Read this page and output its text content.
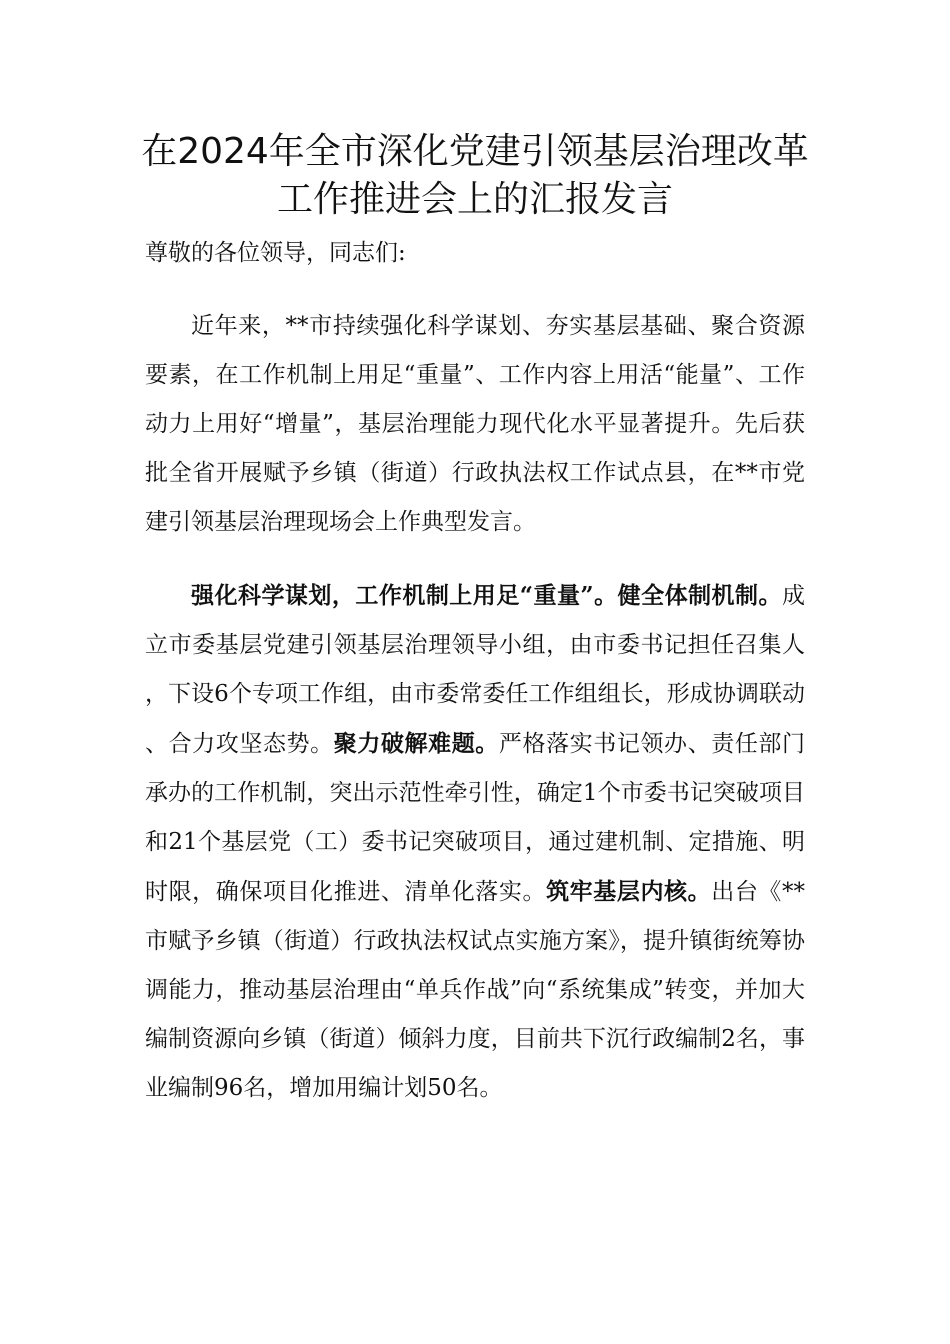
在2024年全市深化党建引领基层治理改革
工作推进会上的汇报发言

尊敬的各位领导，同志们:

近年来，**市持续强化科学谋划、夯实基层基础、聚合资源要素，在工作机制上用足“重量”、工作内容上用活“能量”、工作动力上用好“增量”，基层治理能力现代化水平显著提升。先后获批全省开展赋予乡镇（街道）行政执法权工作试点县，在**市党建引领基层治理现场会上作典型发言。

强化科学谋划，工作机制上用足“重量”。健全体制机制。成立市委基层党建引领基层治理领导小组，由市委书记担任召集人，下设6个专项工作组，由市委常委任工作组组长，形成协调联动、合力攻坚态势。聚力破解难题。严格落实书记领办、责任部门承办的工作机制，突出示范性牵引性，确定1个市委书记突破项目和21个基层党（工）委书记突破项目，通过建机制、定措施、明时限，确保项目化推进、清单化落实。筑牢基层内核。出台《**市赋予乡镇（街道）行政执法权试点实施方案》，提升镇街统筹协调能力，推动基层治理由“单兵作战”向“系统集成”转变，并加大编制资源向乡镇（街道）倾斜力度，目前共下沉行政编制2名，事业编制96名，增加用编计划50名。
